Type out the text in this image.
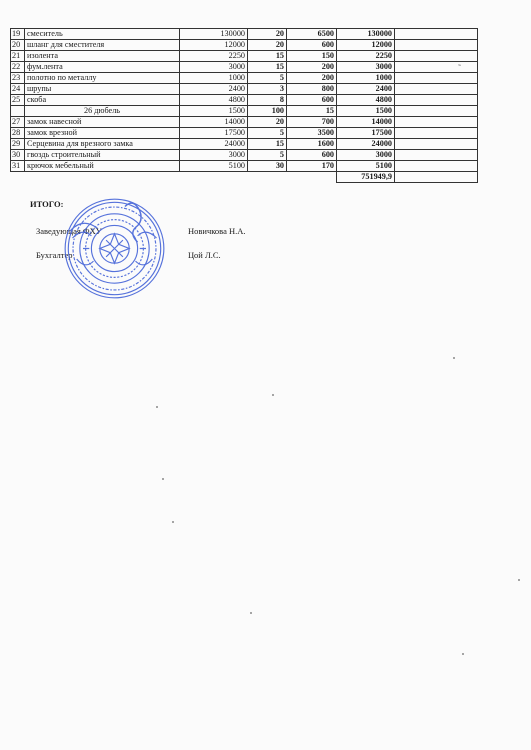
19	смеситель	130000	20	6500	130000	
20	шланг для сместителя	12000	20	600	12000	
21	изолента	2250	15	150	2250	
22	фум.лента	3000	15	200	3000	
23	полотно по металлу	1000	5	200	1000	
24	шрупы	2400	3	800	2400	
25	скоба	4800	8	600	4800	
	26 дюбель	1500	100	15	1500	
27	замок навесной	14000	20	700	14000	
28	замок врезной	17500	5	3500	17500	
29	Серцевина для врезного замка	24000	15	1600	24000	
30	гвоздь строительный	3000	5	600	3000	
31	крючок мебельный	5100	30	170	5100	
					751949,9	
ИТОГО:
Заведующая ФХУ	Новичкова Н.А.
Бухгалтер	Цой Л.С.
˜
